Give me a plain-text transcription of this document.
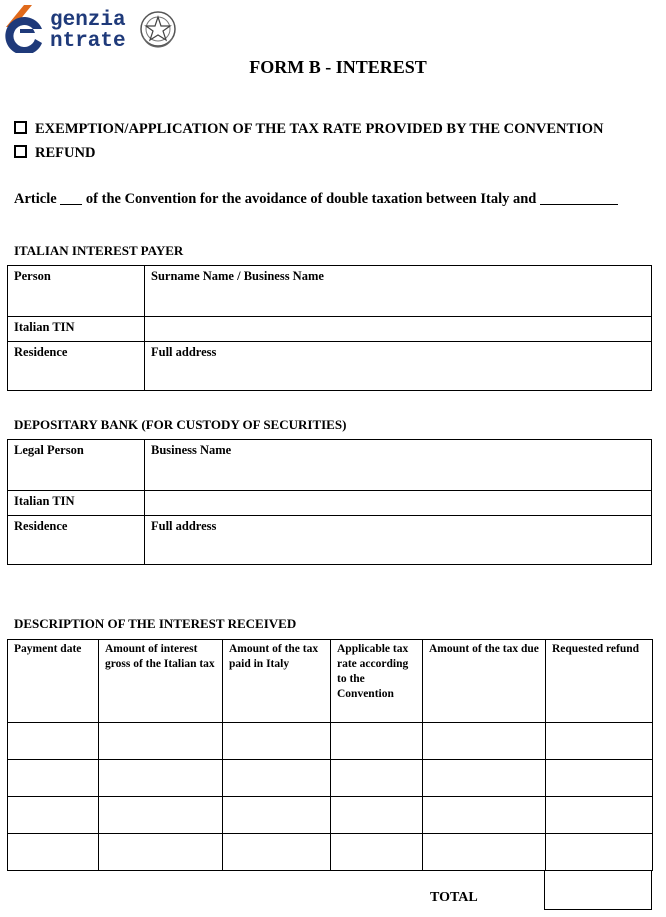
genzia
ntrate
FORM B - INTEREST
EXEMPTION/APPLICATION OF THE TAX RATE PROVIDED BY THE CONVENTION
REFUND
Article of the Convention for the avoidance of double taxation between Italy and
ITALIAN INTEREST PAYER
Person	Surname Name / Business Name
Italian TIN	
Residence	Full address
DEPOSITARY BANK (FOR CUSTODY OF SECURITIES)
Legal Person	Business Name
Italian TIN	
Residence	Full address
DESCRIPTION OF THE INTEREST RECEIVED
Payment date	Amount of interest gross of the Italian tax	Amount of the tax paid in Italy	Applicable tax rate according to the Convention	Amount of the tax due	Requested refund

TOTAL
